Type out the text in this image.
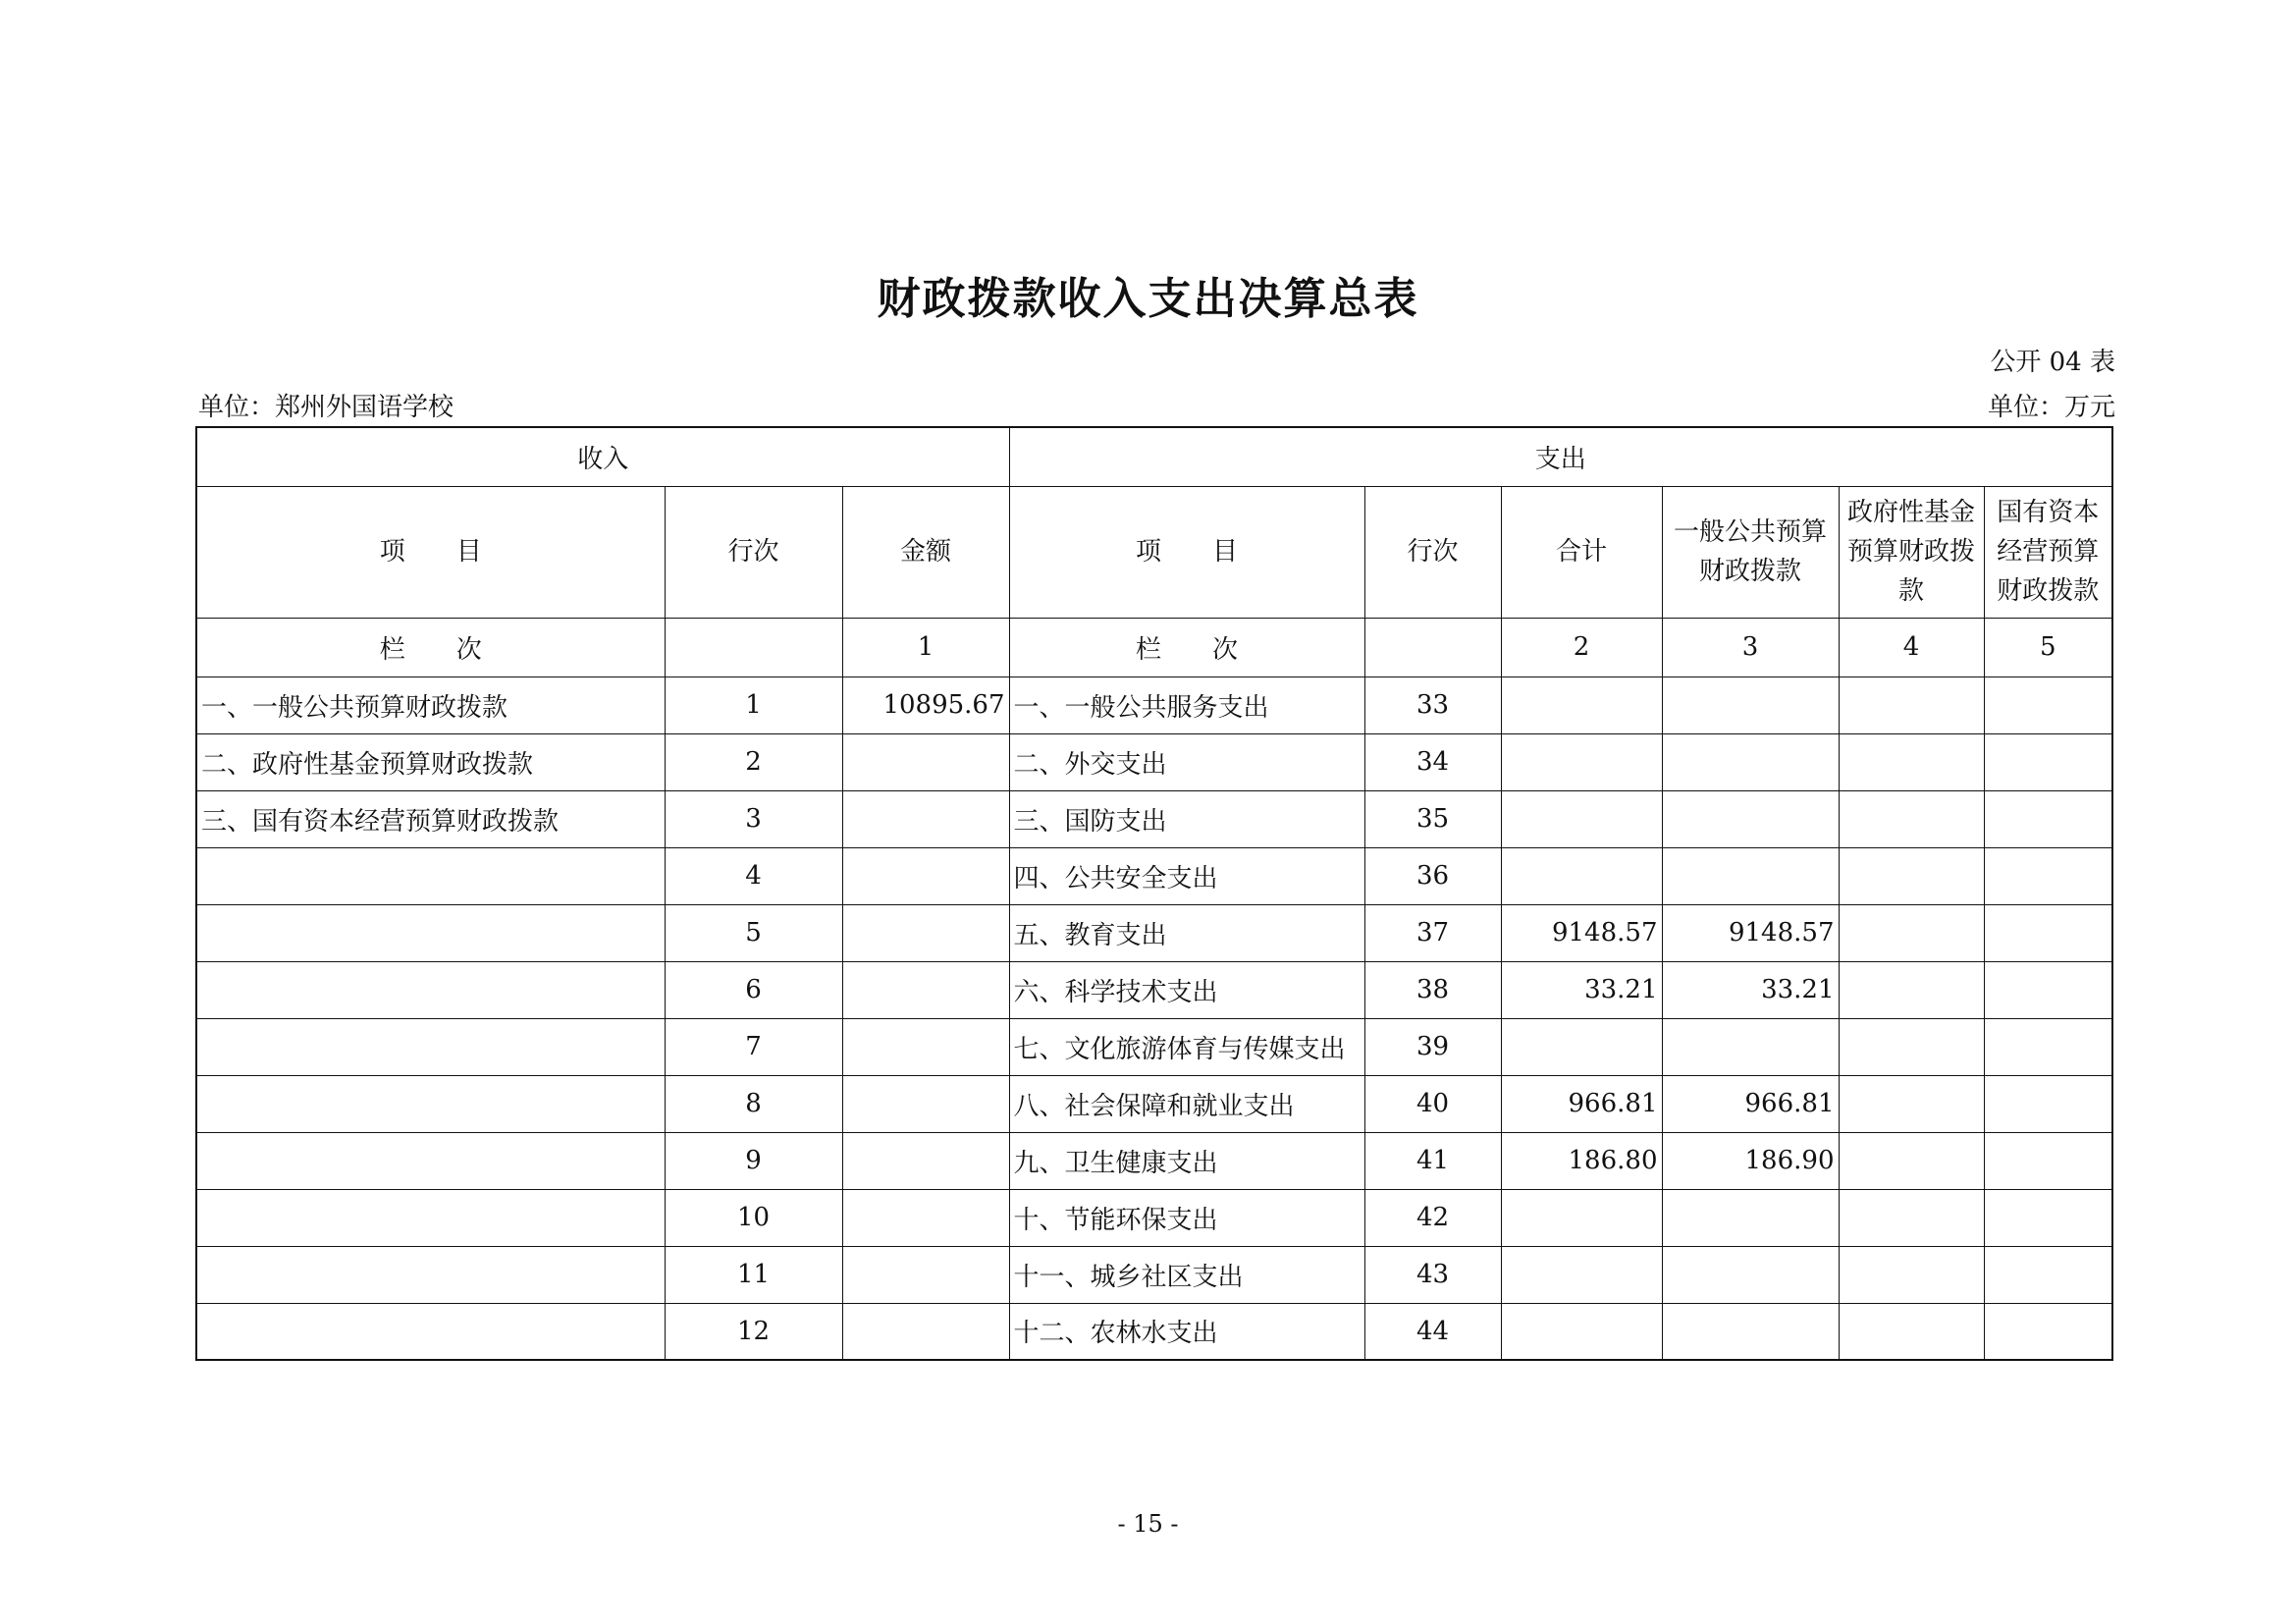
财政拨款收入支出决算总表
公开 04 表
单位：郑州外国语学校	单位：万元
收入			支出					
项　　目	行次	金额	项　　目	行次	合计	一般公共预算财政拨款	政府性基金预算财政拨款	国有资本经营预算财政拨款
栏　　次		1	栏　　次		2	3	4	5
一、一般公共预算财政拨款	1	10895.67	一、一般公共服务支出	33				
二、政府性基金预算财政拨款	2		二、外交支出	34				
三、国有资本经营预算财政拨款	3		三、国防支出	35				
	4		四、公共安全支出	36				
	5		五、教育支出	37	9148.57	9148.57		
	6		六、科学技术支出	38	33.21	33.21		
	7		七、文化旅游体育与传媒支出	39				
	8		八、社会保障和就业支出	40	966.81	966.81		
	9		九、卫生健康支出	41	186.80	186.90		
	10		十、节能环保支出	42				
	11		十一、城乡社区支出	43				
	12		十二、农林水支出	44				
- 15 -
